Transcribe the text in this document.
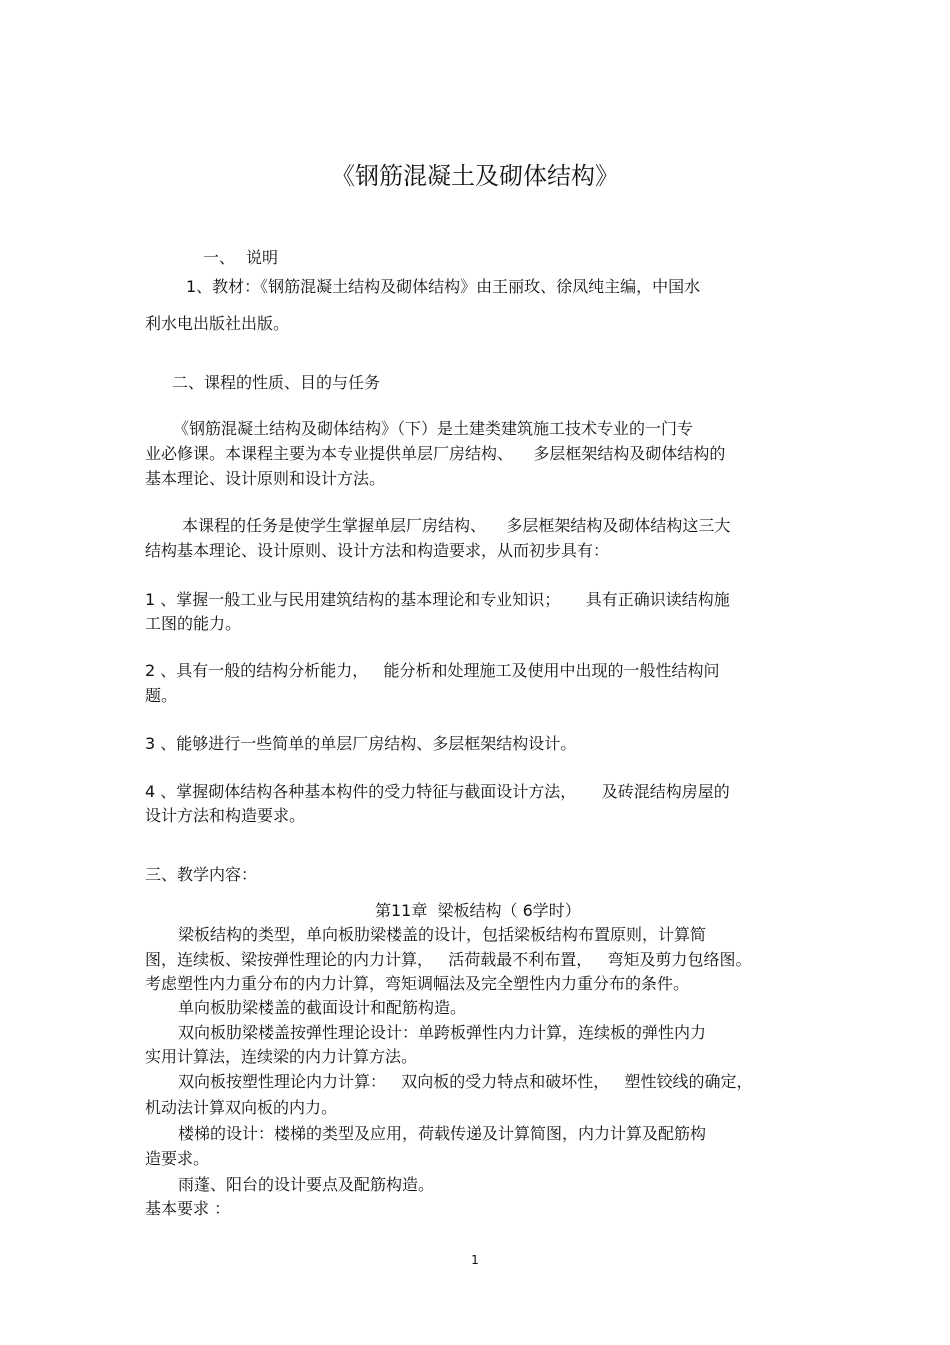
《钢筋混凝土及砌体结构》
一、 说明
1、教材：《钢筋混凝土结构及砌体结构》由王丽玫、徐凤纯主编，中国水
利水电出版社出版。
二、课程的性质、目的与任务
《钢筋混凝土结构及砌体结构》（下）是土建类建筑施工技术专业的一门专
业必修课。本课程主要为本专业提供单层厂房结构、    多层框架结构及砌体结构的
基本理论、设计原则和设计方法。
本课程的任务是使学生掌握单层厂房结构、    多层框架结构及砌体结构这三大
结构基本理论、设计原则、设计方法和构造要求，从而初步具有：
1 、掌握一般工业与民用建筑结构的基本理论和专业知识；     具有正确识读结构施
工图的能力。
2 、具有一般的结构分析能力，   能分析和处理施工及使用中出现的一般性结构问
题。
3 、能够进行一些简单的单层厂房结构、多层框架结构设计。
4 、掌握砌体结构各种基本构件的受力特征与截面设计方法，     及砖混结构房屋的
设计方法和构造要求。
三、教学内容：
第11章  梁板结构（ 6学时）
梁板结构的类型，单向板肋梁楼盖的设计，包括梁板结构布置原则，计算简
图，连续板、梁按弹性理论的内力计算，   活荷载最不利布置，   弯矩及剪力包络图。
考虑塑性内力重分布的内力计算，弯矩调幅法及完全塑性内力重分布的条件。
单向板肋梁楼盖的截面设计和配筋构造。
双向板肋梁楼盖按弹性理论设计：单跨板弹性内力计算，连续板的弹性内力
实用计算法，连续梁的内力计算方法。
双向板按塑性理论内力计算：   双向板的受力特点和破坏性，   塑性铰线的确定，
机动法计算双向板的内力。
楼梯的设计：楼梯的类型及应用，荷载传递及计算简图，内力计算及配筋构
造要求。
雨蓬、阳台的设计要点及配筋构造。
基本要求 ：
1
